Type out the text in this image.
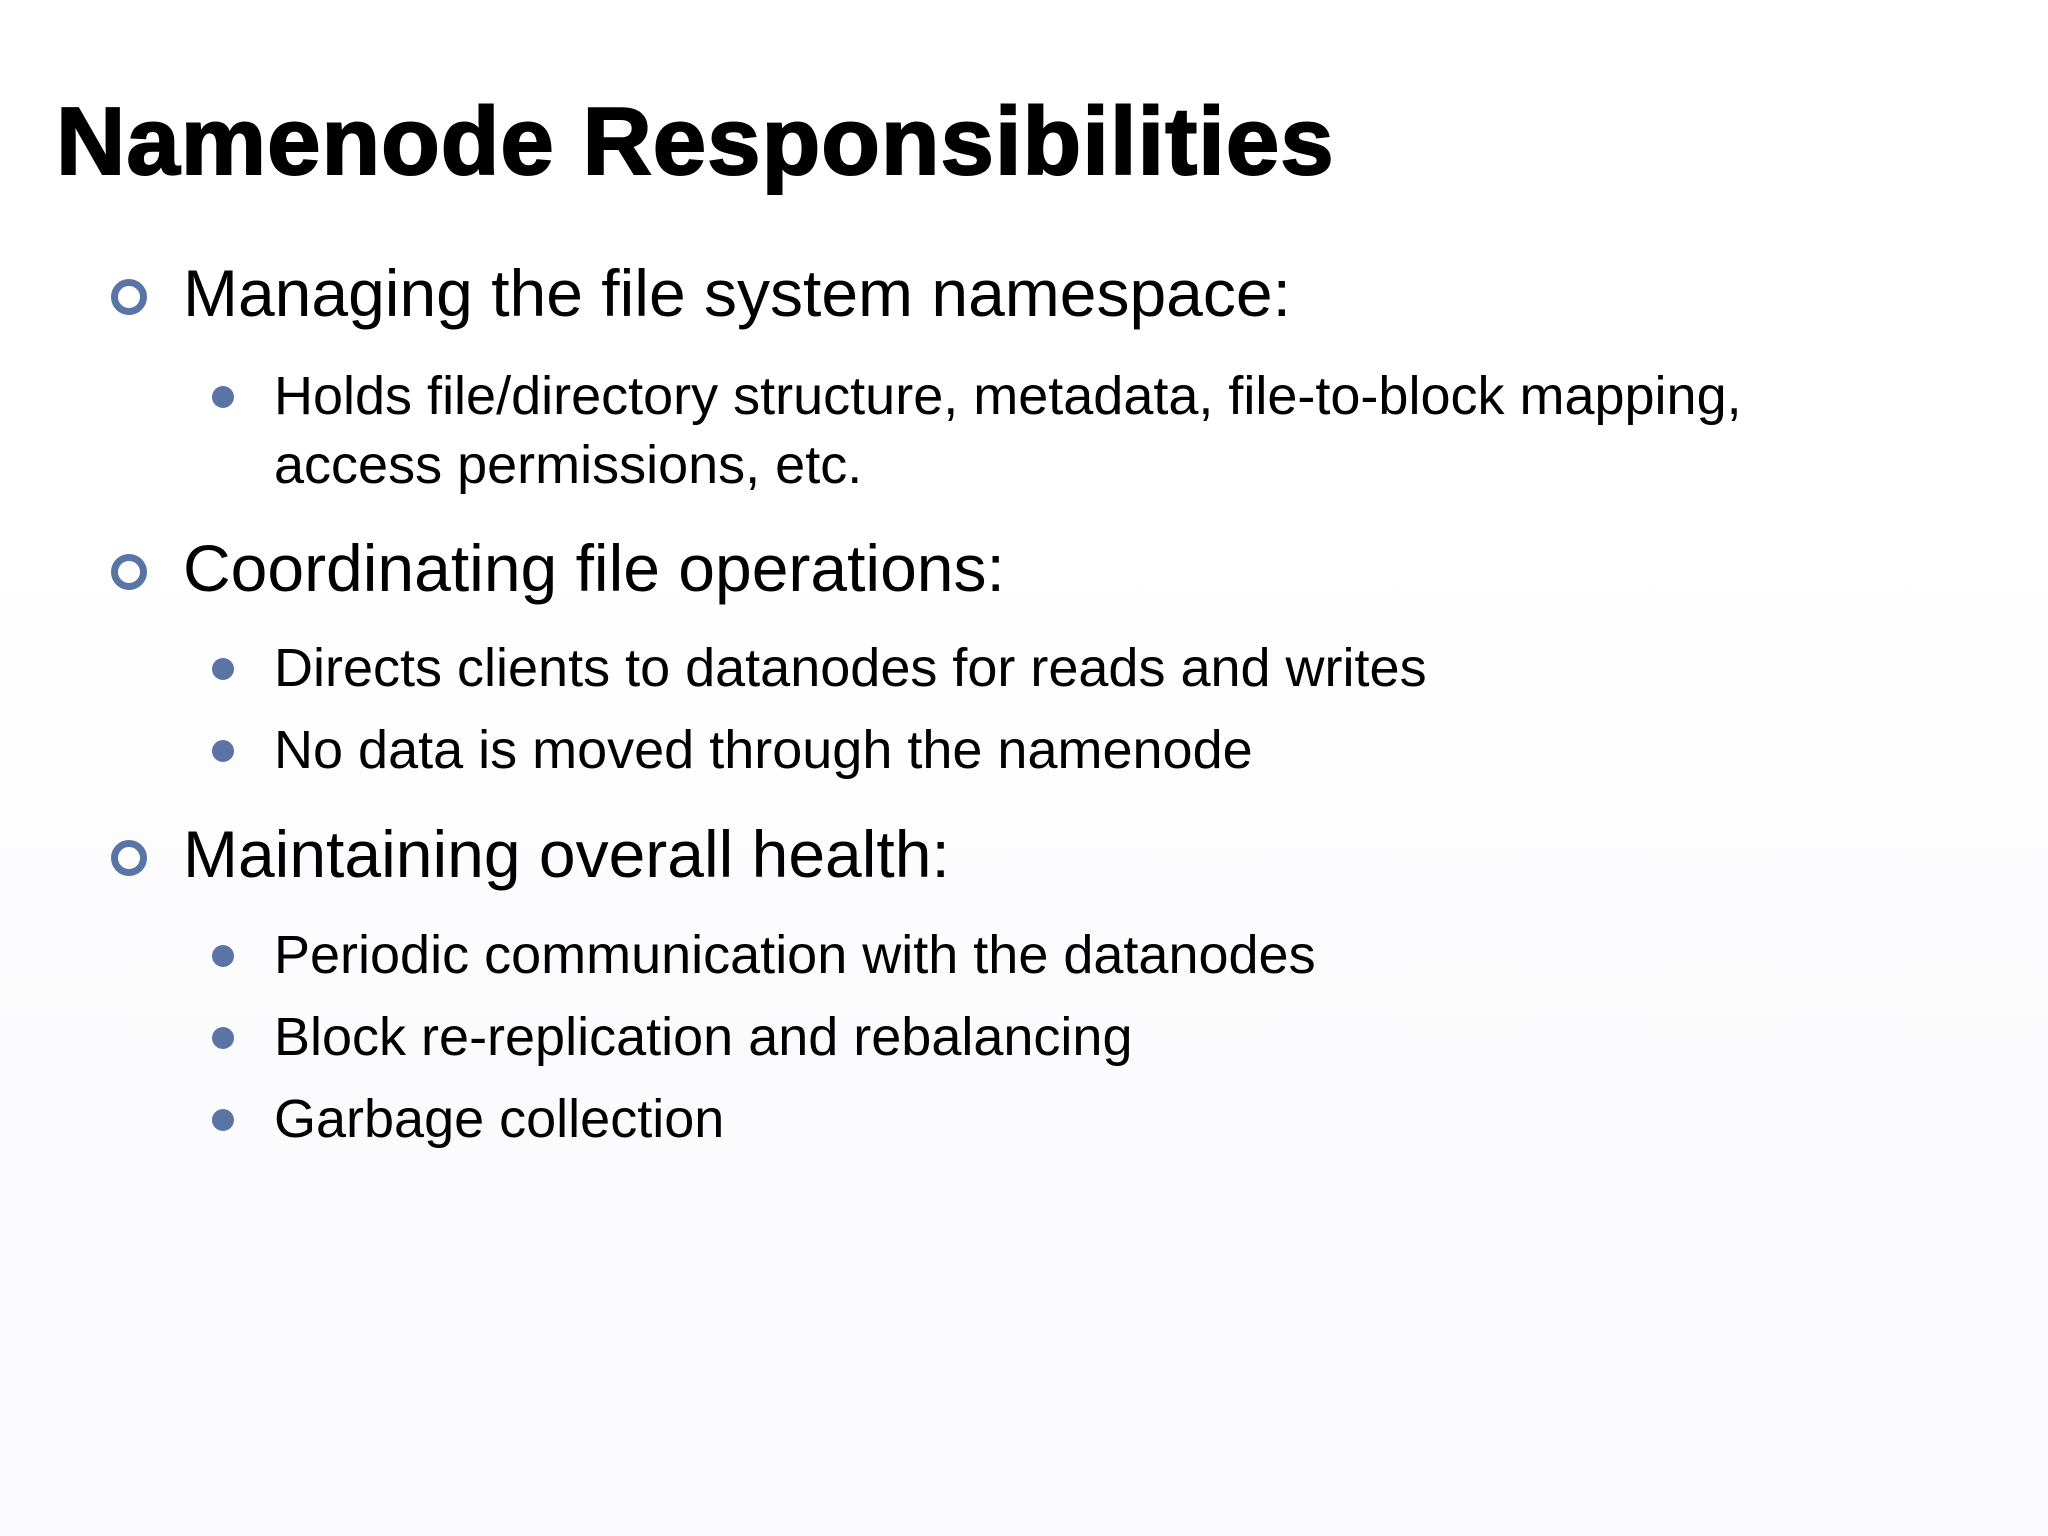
Namenode Responsibilities
Managing the file system namespace:
Holds file/directory structure, metadata, file-to-block mapping, access permissions, etc.
Coordinating file operations:
Directs clients to datanodes for reads and writes
No data is moved through the namenode
Maintaining overall health:
Periodic communication with the datanodes
Block re-replication and rebalancing
Garbage collection
